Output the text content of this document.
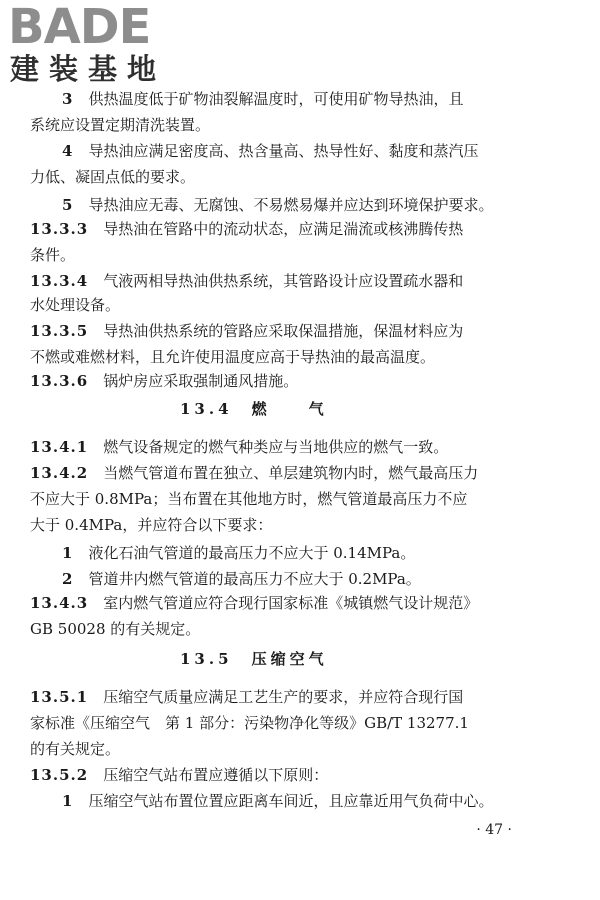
BADE
建装基地
3　 供热温度低于矿物油裂解温度时，可使用矿物导热油，且
系统应设置定期清洗装置。
4　 导热油应满足密度高、热含量高、热导性好、黏度和蒸汽压
力低、凝固点低的要求。
5　 导热油应无毒、无腐蚀、不易燃易爆并应达到环境保护要求。
13.3.3　 导热油在管路中的流动状态，应满足湍流或核沸腾传热
条件。
13.3.4　 气液两相导热油供热系统，其管路设计应设置疏水器和
水处理设备。
13.3.5　 导热油供热系统的管路应采取保温措施，保温材料应为
不燃或难燃材料，且允许使用温度应高于导热油的最高温度。
13.3.6　 锅炉房应采取强制通风措施。
13.4.1　 燃气设备规定的燃气种类应与当地供应的燃气一致。
13.4.2　 当燃气管道布置在独立、单层建筑物内时，燃气最高压力
不应大于 0.8MPa；当布置在其他地方时，燃气管道最高压力不应
大于 0.4MPa，并应符合以下要求：
1　 液化石油气管道的最高压力不应大于 0.14MPa。
2　 管道井内燃气管道的最高压力不应大于 0.2MPa。
13.4.3　 室内燃气管道应符合现行国家标准《城镇燃气设计规范》
GB 50028 的有关规定。
13.5.1　 压缩空气质量应满足工艺生产的要求，并应符合现行国
家标准《压缩空气　第 1 部分：污染物净化等级》GB/T 13277.1
的有关规定。
13.5.2　 压缩空气站布置应遵循以下原则：
1　 压缩空气站布置位置应距离车间近，且应靠近用气负荷中心。
13.4　 燃　　气
13.5　 压缩空气
· 47 ·
